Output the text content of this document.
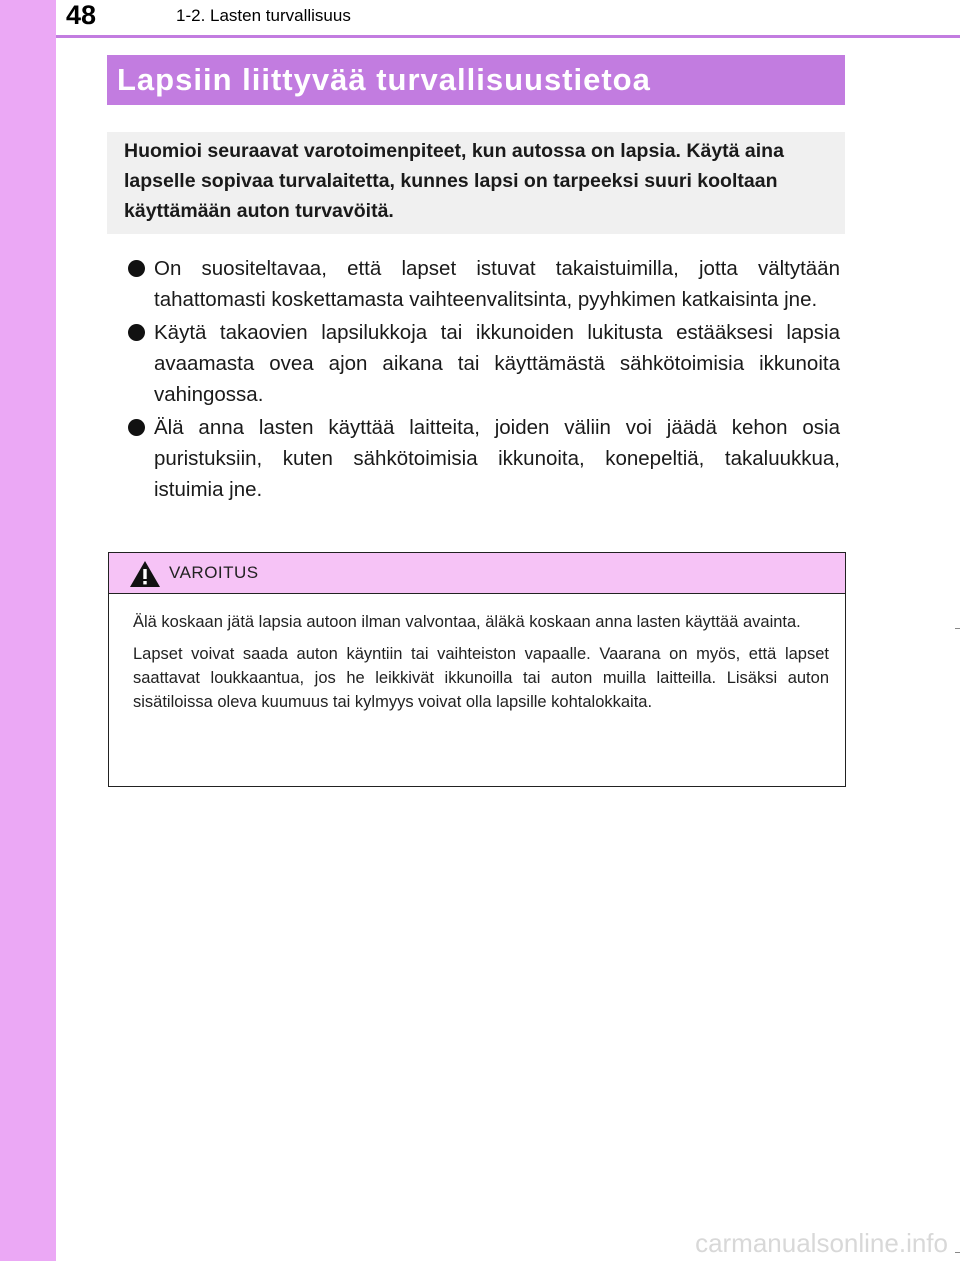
48	1-2. Lasten turvallisuus
Lapsiin liittyvää turvallisuustietoa

Huomioi seuraavat varotoimenpiteet, kun autossa on lapsia. Käytä aina lapselle sopivaa turvalaitetta, kunnes lapsi on tarpeeksi suuri kooltaan käyttämään auton turvavöitä.

On suositeltavaa, että lapset istuvat takaistuimilla, jotta vältytään tahattomasti koskettamasta vaihteenvalitsinta, pyyhkimen katkaisinta jne.
Käytä takaovien lapsilukkoja tai ikkunoiden lukitusta estääksesi lapsia avaamasta ovea ajon aikana tai käyttämästä sähkötoimisia ikkunoita vahingossa.
Älä anna lasten käyttää laitteita, joiden väliin voi jäädä kehon osia puristuksiin, kuten sähkötoimisia ikkunoita, konepeltiä, takaluukkua, istuimia jne.
VAROITUS

Älä koskaan jätä lapsia autoon ilman valvontaa, äläkä koskaan anna lasten käyttää avainta.

Lapset voivat saada auton käyntiin tai vaihteiston vapaalle. Vaarana on myös, että lapset saattavat loukkaantua, jos he leikkivät ikkunoilla tai auton muilla laitteilla. Lisäksi auton sisätiloissa oleva kuumuus tai kylmyys voivat olla lapsille kohtalokkaita.

carmanualsonline.info
